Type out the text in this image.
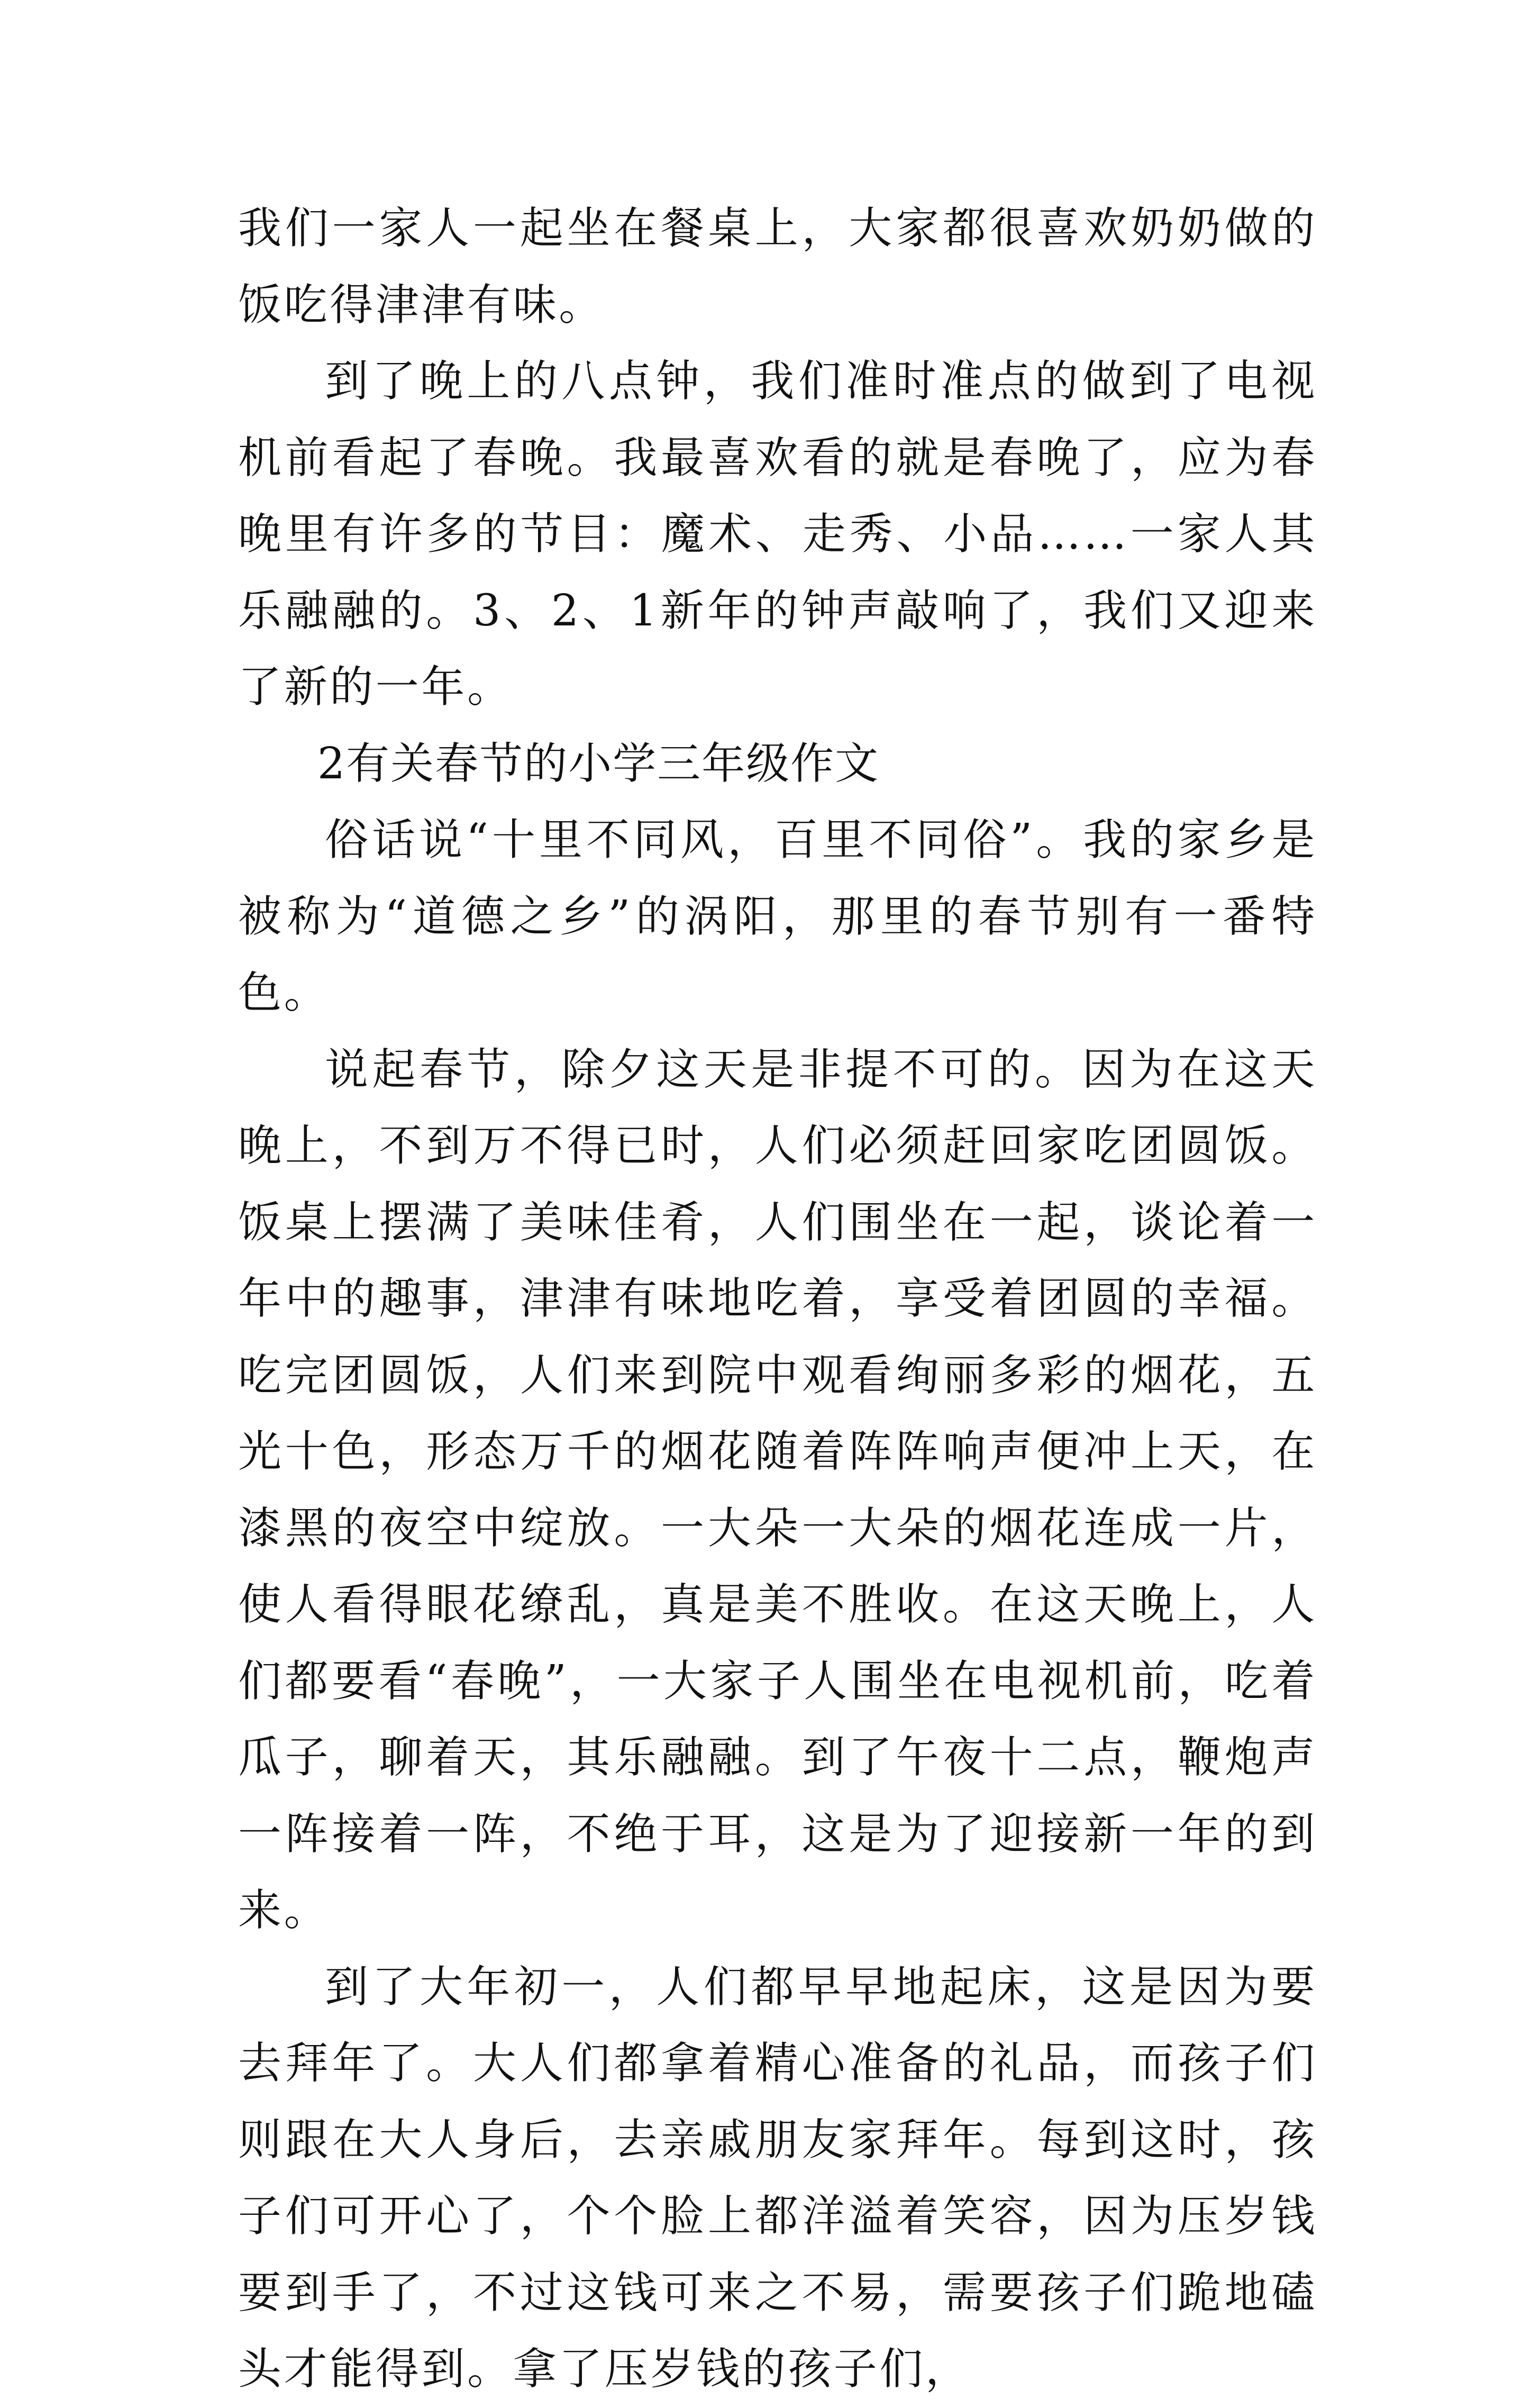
我们一家人一起坐在餐桌上，大家都很喜欢奶奶做的饭吃得津津有味。

到了晚上的八点钟，我们准时准点的做到了电视机前看起了春晚。我最喜欢看的就是春晚了，应为春晚里有许多的节目：魔术、走秀、小品……一家人其乐融融的。3、2、1新年的钟声敲响了，我们又迎来了新的一年。

2有关春节的小学三年级作文

俗话说“十里不同风，百里不同俗”。我的家乡是被称为“道德之乡”的涡阳，那里的春节别有一番特色。

说起春节，除夕这天是非提不可的。因为在这天晚上，不到万不得已时，人们必须赶回家吃团圆饭。饭桌上摆满了美味佳肴，人们围坐在一起，谈论着一年中的趣事，津津有味地吃着，享受着团圆的幸福。吃完团圆饭，人们来到院中观看绚丽多彩的烟花，五光十色，形态万千的烟花随着阵阵响声便冲上天，在漆黑的夜空中绽放。一大朵一大朵的烟花连成一片，使人看得眼花缭乱，真是美不胜收。在这天晚上，人们都要看“春晚”，一大家子人围坐在电视机前，吃着瓜子，聊着天，其乐融融。到了午夜十二点，鞭炮声一阵接着一阵，不绝于耳，这是为了迎接新一年的到来。

到了大年初一，人们都早早地起床，这是因为要去拜年了。大人们都拿着精心准备的礼品，而孩子们则跟在大人身后，去亲戚朋友家拜年。每到这时，孩子们可开心了，个个脸上都洋溢着笑容，因为压岁钱要到手了，不过这钱可来之不易，需要孩子们跪地磕头才能得到。拿了压岁钱的孩子们，
